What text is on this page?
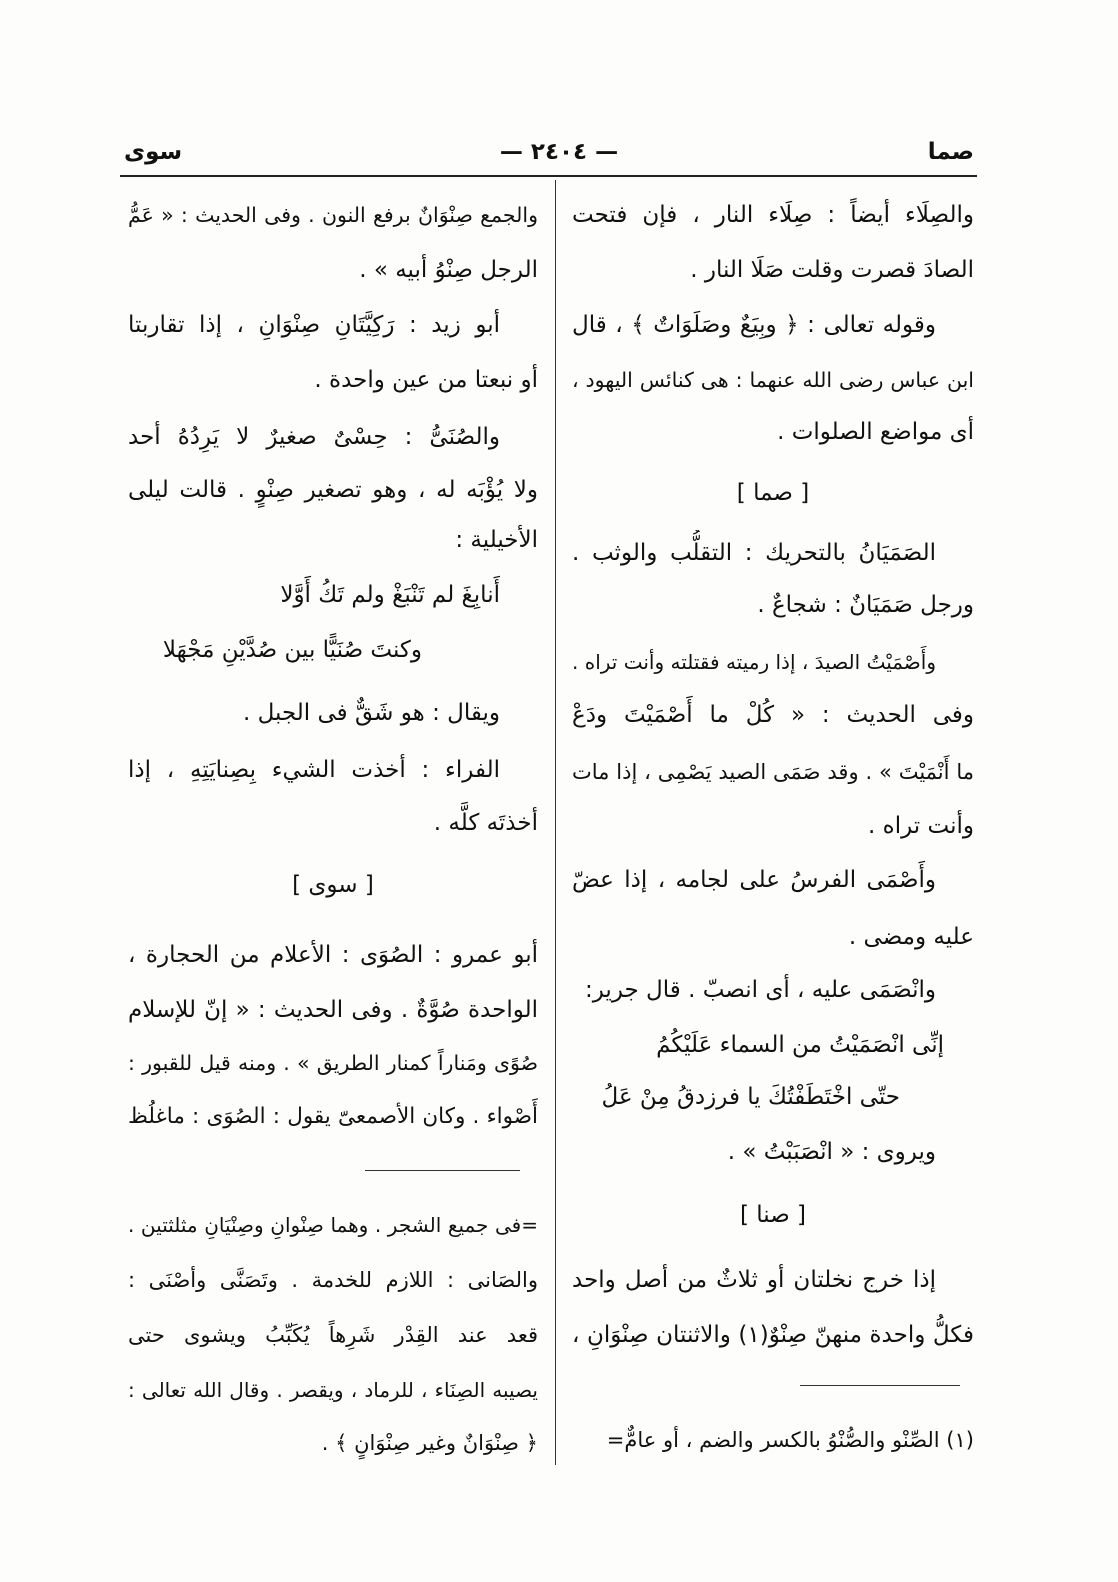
صما
— ٢٤٠٤ —
سوى
والصِلَاء أيضاً : صِلَاء النار ، فإن فتحت
الصادَ قصرت وقلت صَلَا النار .
وقوله تعالى : ﴿ وبِيَعٌ وصَلَوَاتٌ ﴾ ، قال
ابن عباس رضى الله عنهما : هى كنائس اليهود ،
أى مواضع الصلوات .
[ صما ]
الصَمَيَانُ بالتحريك : التقلُّب والوثب .
ورجل صَمَيَانٌ : شجاعٌ .
وأَصْمَيْتُ الصيدَ ، إذا رميته فقتلته وأنت تراه .
وفى الحديث : « كُلْ ما أَصْمَيْتَ ودَعْ
ما أَنْمَيْتَ » . وقد صَمَى الصيد يَصْمِى ، إذا مات
وأنت تراه .
وأَصْمَى الفرسُ على لجامه ، إذا عضّ
عليه ومضى .
وانْصَمَى عليه ، أى انصبّ . قال جرير:
إنِّى انْصَمَيْتُ من السماء عَلَيْكُمُ
حتّى اخْتَطَفْتُكَ يا فرزدقُ مِنْ عَلُ
ويروى : « انْصَبَبْتُ » .
[ صنا ]
إذا خرج نخلتان أو ثلاثٌ من أصل واحد
فكلُّ واحدة منهنّ صِنْوٌ(١) والاثنتان صِنْوَانِ ،
(١) الصِّنْو والصُّنْوُ بالكسر والضم ، أو عامٌّ=
والجمع صِنْوَانٌ برفع النون . وفى الحديث : « عَمُّ
الرجل صِنْوُ أبيه » .
أبو زيد : رَكِيَّتَانِ صِنْوَانِ ، إذا تقاربتا
أو نبعتا من عين واحدة .
والصُنَىُّ : حِسْىٌ صغيرٌ لا يَرِدُهُ أحد
ولا يُؤْبَه له ، وهو تصغير صِنْوٍ . قالت ليلى
الأخيلية :
أَنابِغَ لم تَنْبَغْ ولم تَكُ أَوَّلا
وكنتَ صُنَيًّا بين صُدَّيْنِ مَجْهَلا
ويقال : هو شَقٌّ فى الجبل .
الفراء : أخذت الشيء بِصِنايَتِهِ ، إذا
أخذتَه كلَّه .
[ سوى ]
أبو عمرو : الصُوَى : الأعلام من الحجارة ،
الواحدة صُوَّةٌ . وفى الحديث : « إنّ للإسلام
صُوًى ومَناراً كمنار الطريق » . ومنه قيل للقبور :
أَصْواء . وكان الأصمعىّ يقول : الصُوَى : ماغلُظ
=فى جميع الشجر . وهما صِنْوانِ وصِنْيَانِ مثلثتين .
والصَانى : اللازم للخدمة . وتَصَنَّى وأصْنَى :
قعد عند القِدْر شَرِهاً يُكَبِّبُ ويشوى حتى
يصيبه الصِنَاء ، للرماد ، ويقصر . وقال الله تعالى :
﴿ صِنْوَانٌ وغير صِنْوَانٍ ﴾ .
